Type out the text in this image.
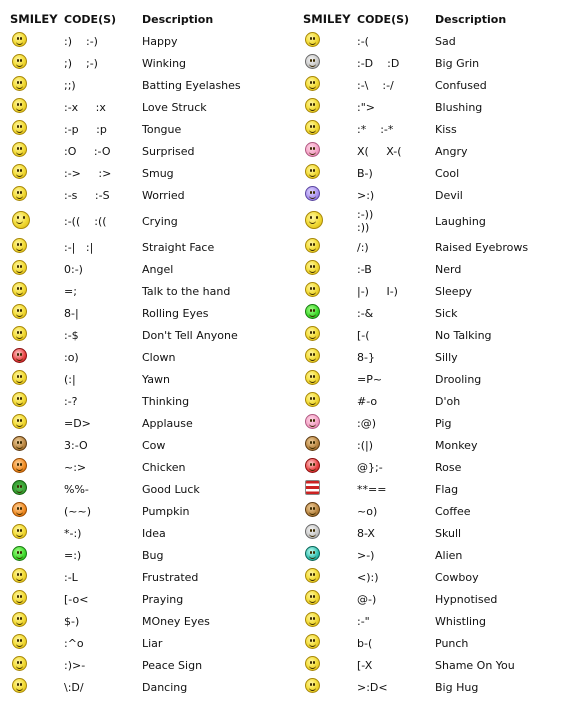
SMILEY CODE(S)	Description
:)    :-)	Happy
;)    ;-)	Winking
;;)	Batting Eyelashes
:-x     :x	Love Struck
:-p     :p	Tongue
:O     :-O	Surprised
:->     :>	Smug
:-s     :-S	Worried
:-((    :((	Crying
:-|   :|	Straight Face
0:-)	Angel
=;	Talk to the hand
8-|	Rolling Eyes
:-$	Don't Tell Anyone
:o)	Clown
(:|	Yawn
:-?	Thinking
=D>	Applause
3:-O	Cow
~:>	Chicken
%%-	Good Luck
(~~)	Pumpkin
*-:)	Idea
=:)	Bug
:-L	Frustrated
[-o<	Praying
$-)	MOney Eyes
:^o	Liar
:)>-	Peace Sign
\:D/	Dancing
SMILEY CODE(S)	Description
:-(	Sad
:-D    :D	Big Grin
:-\    :-/	Confused
:">	Blushing
:*    :-*	Kiss
X(     X-(	Angry
B-)	Cool
>:)	Devil
:-))
:))	Laughing
/:)	Raised Eyebrows
:-B	Nerd
|-)     I-)	Sleepy
:-&	Sick
[-(	No Talking
8-}	Silly
=P~	Drooling
#-o	D'oh
:@)	Pig
:(|)	Monkey
@};-	Rose
**==	Flag
~o)	Coffee
8-X	Skull
>-)	Alien
<):)	Cowboy
@-)	Hypnotised
:-"	Whistling
b-(	Punch
[-X	Shame On You
>:D<	Big Hug
